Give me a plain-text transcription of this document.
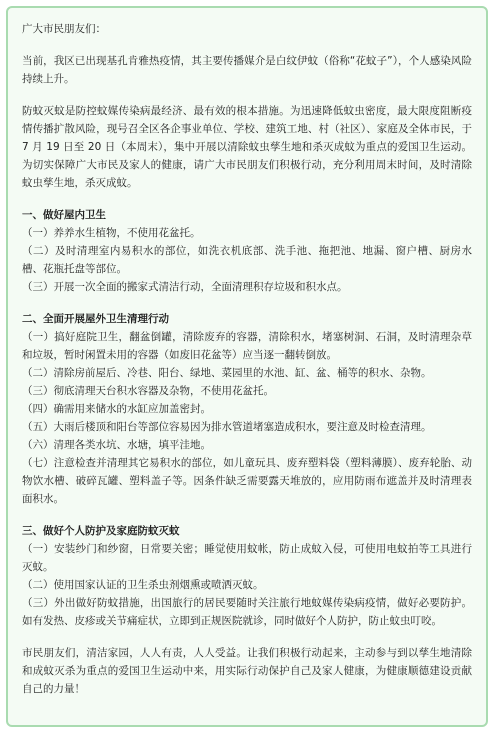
广大市民朋友们：

当前，我区已出现基孔肯雅热疫情，其主要传播媒介是白纹伊蚊（俗称“花蚊子”），个人感染风险持续上升。

防蚊灭蚊是防控蚊媒传染病最经济、最有效的根本措施。为迅速降低蚊虫密度，最大限度阻断疫情传播扩散风险，现号召全区各企事业单位、学校、建筑工地、村（社区）、家庭及全体市民，于 7 月 19 日至 20 日（本周末），集中开展以清除蚊虫孳生地和杀灭成蚊为重点的爱国卫生运动。为切实保障广大市民及家人的健康，请广大市民朋友们积极行动，充分利用周末时间，及时清除蚊虫孳生地，杀灭成蚊。

一、做好屋内卫生

（一）养养水生植物，不使用花盆托。

（二）及时清理室内易积水的部位，如洗衣机底部、洗手池、拖把池、地漏、窗户槽、厨房水槽、花瓶托盘等部位。

（三）开展一次全面的搬家式清洁行动，全面清理积存垃圾和积水点。

二、全面开展屋外卫生清理行动

（一）搞好庭院卫生，翻盆倒罐，清除废弃的容器，清除积水，堵塞树洞、石洞，及时清理杂草和垃圾，暂时闲置未用的容器（如废旧花盆等）应当逐一翻转倒放。

（二）清除房前屋后、冷巷、阳台、绿地、菜园里的水池、缸、盆、桶等的积水、杂物。

（三）彻底清理天台积水容器及杂物，不使用花盆托。

（四）确需用来储水的水缸应加盖密封。

（五）大雨后楼顶和阳台等部位容易因为排水管道堵塞造成积水，要注意及时检查清理。

（六）清理各类水坑、水塘，填平洼地。

（七）注意检查并清理其它易积水的部位，如儿童玩具、废弃塑料袋（塑料薄膜）、废弃轮胎、动物饮水槽、破碎瓦罐、塑料盖子等。因条件缺乏需要露天堆放的，应用防雨布遮盖并及时清理表面积水。

三、做好个人防护及家庭防蚊灭蚊

（一）安装纱门和纱窗，日常要关密；睡觉使用蚊帐，防止成蚊入侵，可使用电蚊拍等工具进行灭蚊。

（二）使用国家认证的卫生杀虫剂烟熏或喷洒灭蚊。

（三）外出做好防蚊措施，出国旅行的居民要随时关注旅行地蚊媒传染病疫情，做好必要防护。如有发热、皮疹或关节痛症状，立即到正规医院就诊，同时做好个人防护，防止蚊虫叮咬。

市民朋友们，清洁家园，人人有责，人人受益。让我们积极行动起来，主动参与到以孳生地清除和成蚊灭杀为重点的爱国卫生运动中来，用实际行动保护自己及家人健康，为健康顺德建设贡献自己的力量！
